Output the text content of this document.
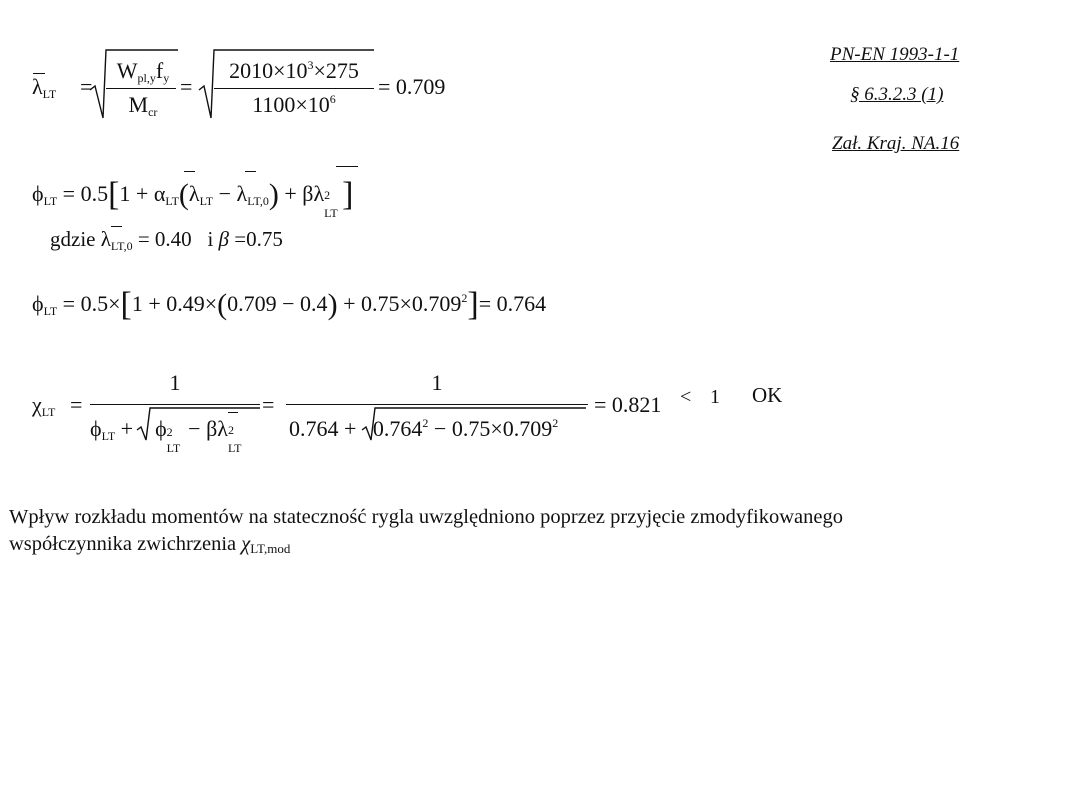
PN-EN 1993-1-1
§ 6.3.2.3 (1)
Zał. Kraj. NA.16
λLT =
Wpl,yfy
Mcr
=
$2010\times 10^3\times 275$
$1100\times 10^6$	= 0.709
ϕLT = 0.5[1 + αLT(λLT − λLT,0) + βλ 2
LT ]
gdzie λLT,0 = 0.40 i β =0.75
$\phi LT = 0.5\times[1 + 0.49\times(0.709 - 0.4) + 0.75\times 0.709^2]= 0.764$
χLT =
1
ϕLT +    ϕ 2
LT
− βλ 2
LT
=
1
$0.764 + 0.764^2 - 0.75\times 0.709^2$
= 0.821 < 1 OK
Wpływ rozkładu momentów na stateczność rygla uwzględniono poprzez przyjęcie zmodyfikowanego
współczynnika zwichrzenia χLT,mod
